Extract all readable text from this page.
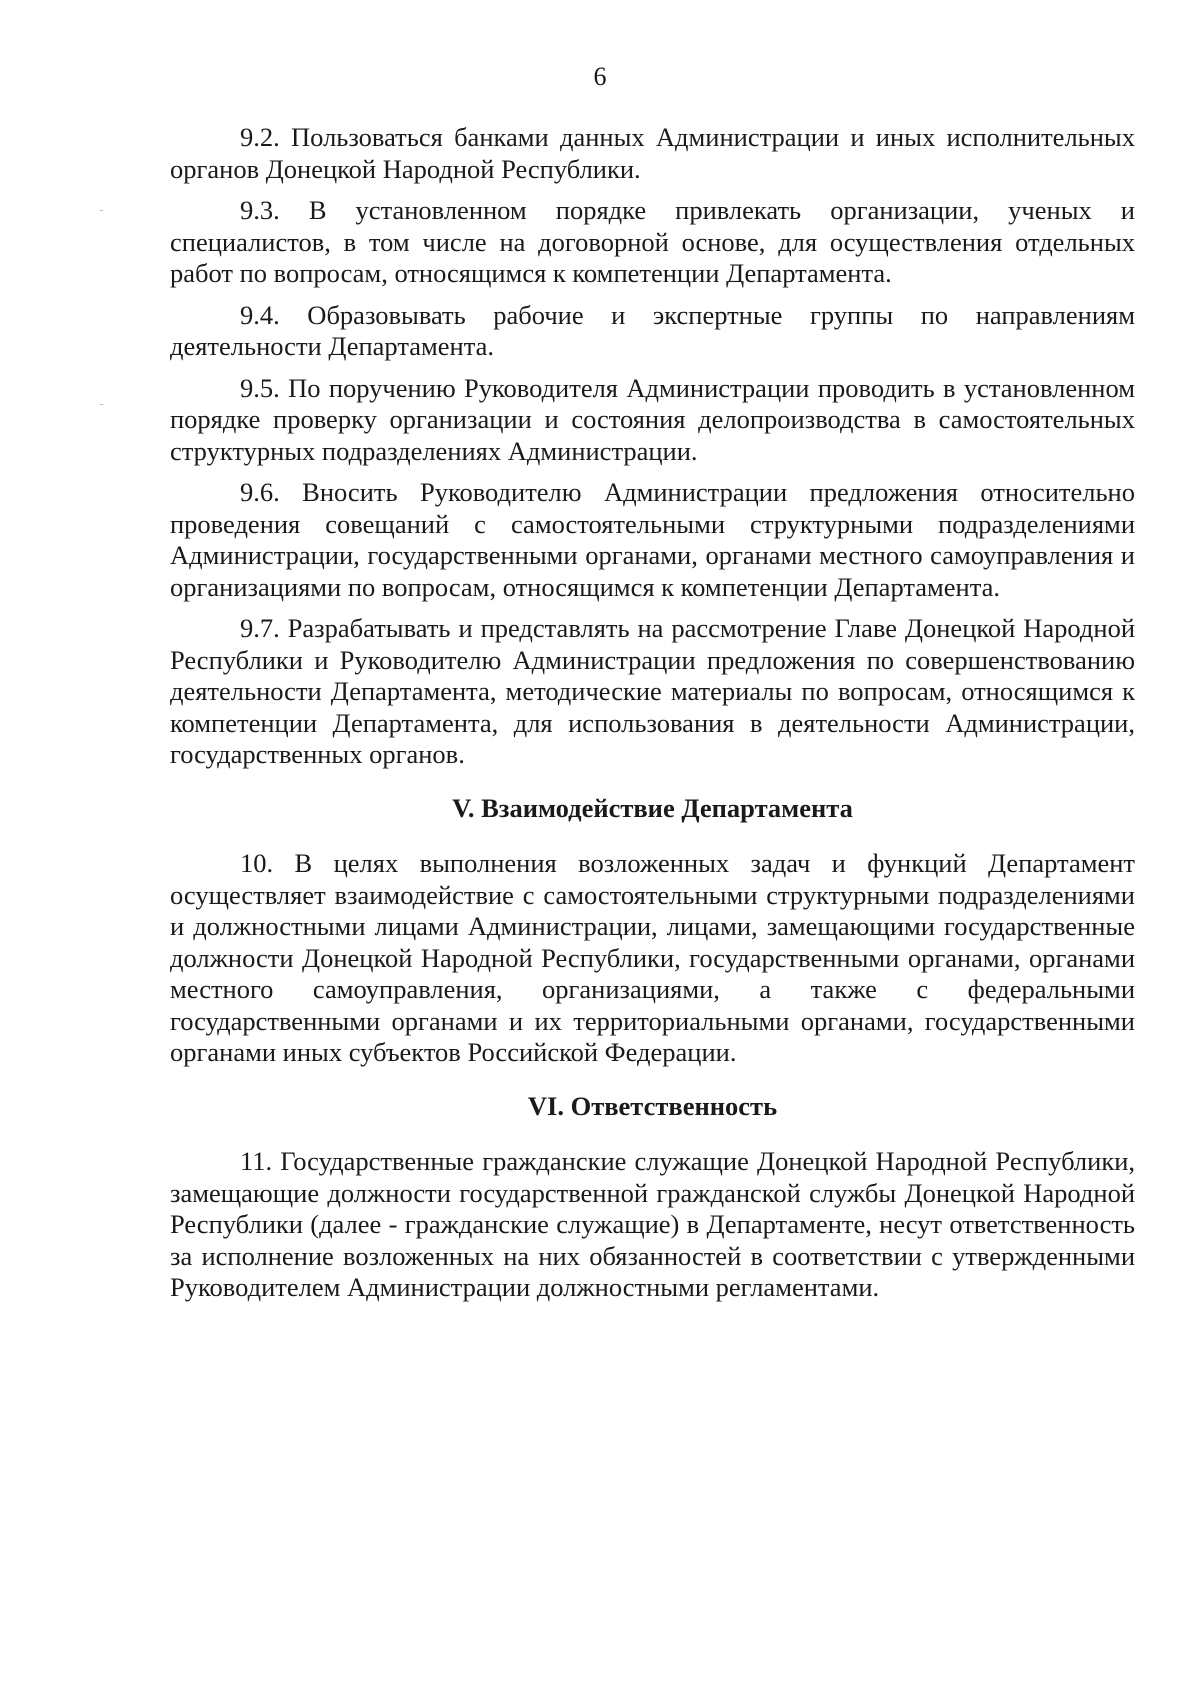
6

9.2. Пользоваться банками данных Администрации и иных исполнительных органов Донецкой Народной Республики.

9.3. В установленном порядке привлекать организации, ученых и специалистов, в том числе на договорной основе, для осуществления отдельных работ по вопросам, относящимся к компетенции Департамента.

9.4. Образовывать рабочие и экспертные группы по направлениям деятельности Департамента.

9.5. По поручению Руководителя Администрации проводить в установленном порядке проверку организации и состояния делопроизводства в самостоятельных структурных подразделениях Администрации.

9.6. Вносить Руководителю Администрации предложения относительно проведения совещаний с самостоятельными структурными подразделениями Администрации, государственными органами, органами местного самоуправления и организациями по вопросам, относящимся к компетенции Департамента.

9.7. Разрабатывать и представлять на рассмотрение Главе Донецкой Народной Республики и Руководителю Администрации предложения по совершенствованию деятельности Департамента, методические материалы по вопросам, относящимся к компетенции Департамента, для использования в деятельности Администрации, государственных органов.

V. Взаимодействие Департамента

10. В целях выполнения возложенных задач и функций Департамент осуществляет взаимодействие с самостоятельными структурными подразделениями и должностными лицами Администрации, лицами, замещающими государственные должности Донецкой Народной Республики, государственными органами, органами местного самоуправления, организациями, а также с федеральными государственными органами и их территориальными органами, государственными органами иных субъектов Российской Федерации.

VI. Ответственность

11. Государственные гражданские служащие Донецкой Народной Республики, замещающие должности государственной гражданской службы Донецкой Народной Республики (далее - гражданские служащие) в Департаменте, несут ответственность за исполнение возложенных на них обязанностей в соответствии с утвержденными Руководителем Администрации должностными регламентами.
